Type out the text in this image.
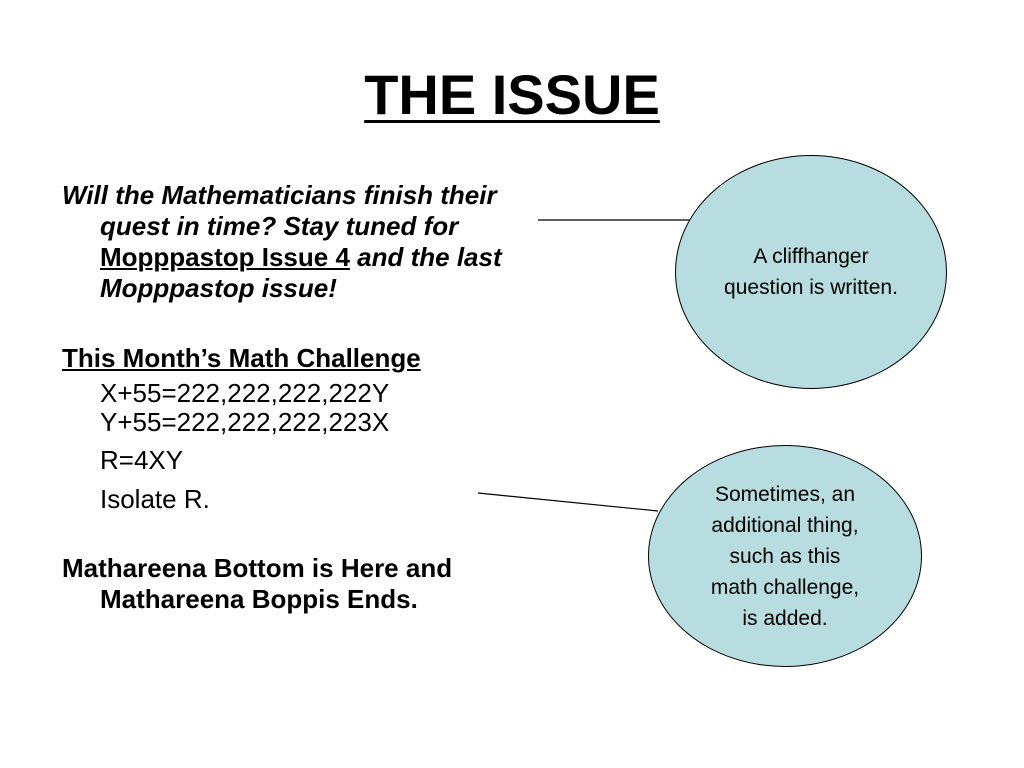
THE ISSUE

Will the Mathematicians finish their quest in time? Stay tuned for Mopppastop Issue 4 and the last Mopppastop issue!

This Month’s Math Challenge

X+55=222,222,222,222Y

Y+55=222,222,222,223X

R=4XY

Isolate R.

Mathareena Bottom is Here and Mathareena Boppis Ends.

A cliffhanger
question is written.
Sometimes, an
additional thing,
such as this
math challenge,
is added.
